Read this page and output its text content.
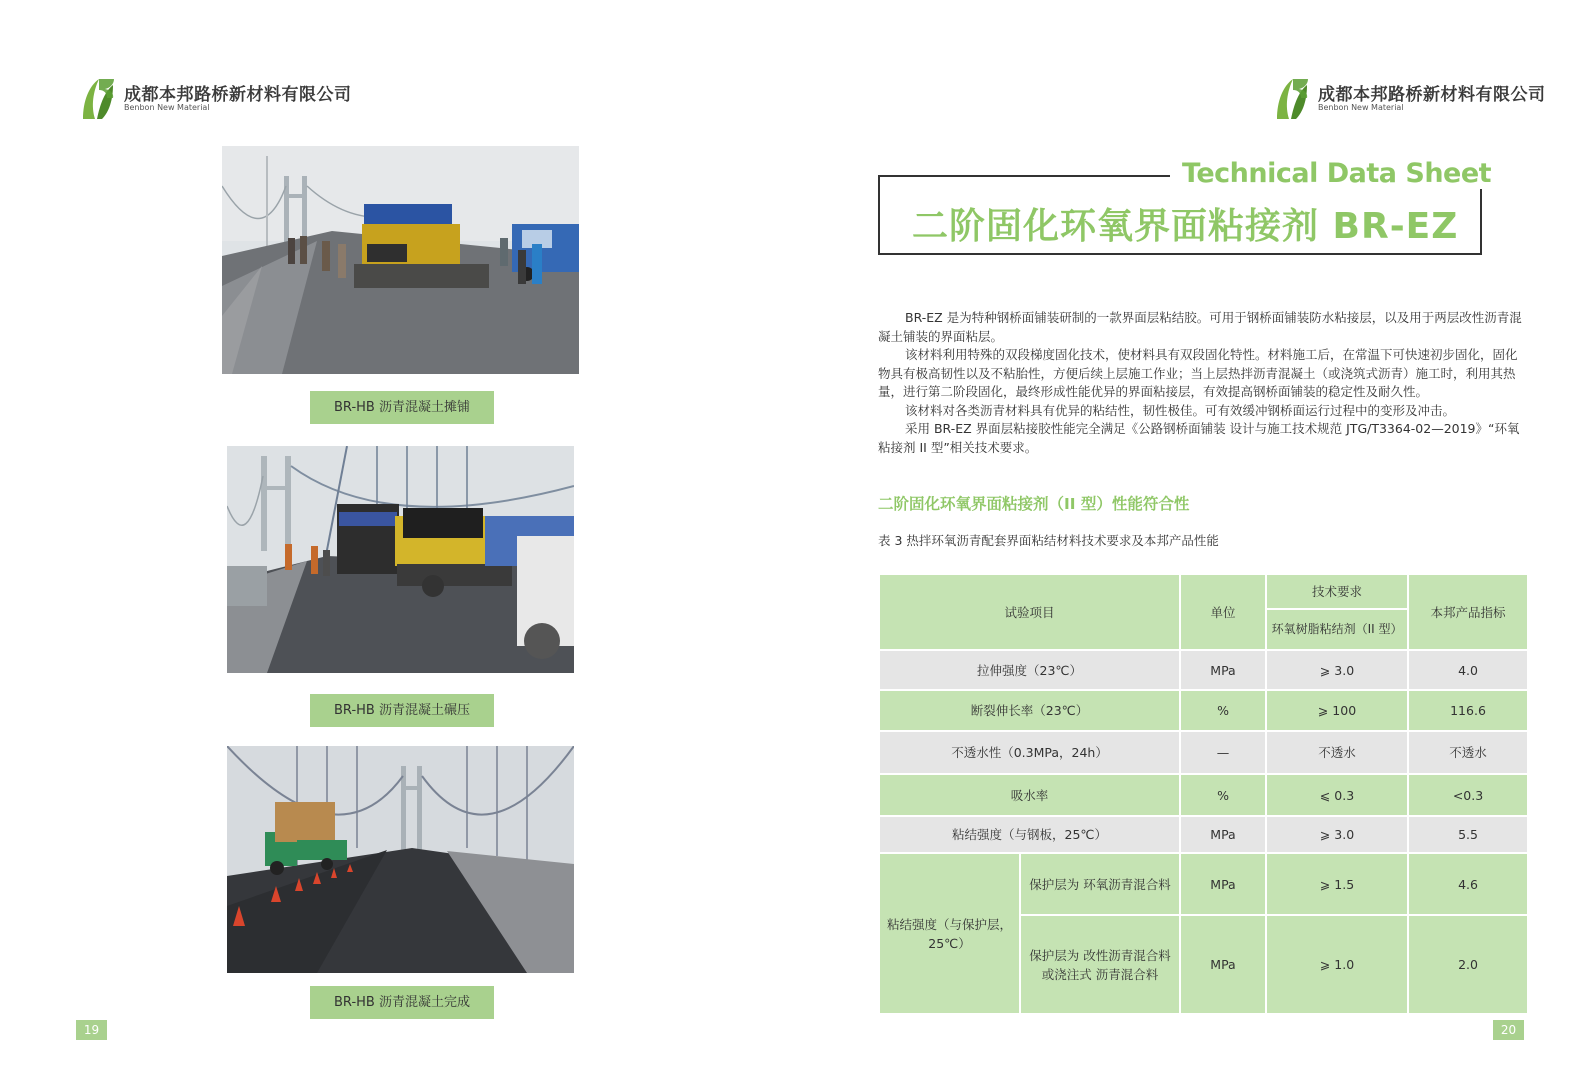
成都本邦路桥新材料有限公司
Benbon New Material
成都本邦路桥新材料有限公司
Benbon New Material
BR-HB 沥青混凝土摊铺
BR-HB 沥青混凝土碾压
BR-HB 沥青混凝土完成
19
Technical Data Sheet
二阶固化环氧界面粘接剂 BR-EZ

BR-EZ 是为特种钢桥面铺装研制的一款界面层粘结胶。可用于钢桥面铺装防水粘接层，以及用于两层改性沥青混凝土铺装的界面粘层。

该材料利用特殊的双段梯度固化技术，使材料具有双段固化特性。材料施工后，在常温下可快速初步固化，固化物具有极高韧性以及不粘胎性，方便后续上层施工作业；当上层热拌沥青混凝土（或浇筑式沥青）施工时，利用其热量，进行第二阶段固化，最终形成性能优异的界面粘接层，有效提高钢桥面铺装的稳定性及耐久性。

该材料对各类沥青材料具有优异的粘结性，韧性极佳。可有效缓冲钢桥面运行过程中的变形及冲击。

采用 BR-EZ 界面层粘接胶性能完全满足《公路钢桥面铺装 设计与施工技术规范 JTG/T3364-02—2019》“环氧粘接剂 II 型”相关技术要求。

二阶固化环氧界面粘接剂（II 型）性能符合性
表 3 热拌环氧沥青配套界面粘结材料技术要求及本邦产品性能
试验项目		单位	技术要求	本邦产品指标
			环氧树脂粘结剂（II 型）	
拉伸强度（23℃）		MPa	⩾ 3.0	4.0
断裂伸长率（23℃）		%	⩾ 100	116.6
不透水性（0.3MPa，24h）		—	不透水	不透水
吸水率		%	⩽ 0.3	<0.3
粘结强度（与钢板，25℃）		MPa	⩾ 3.0	5.5
粘结强度（与保护层，25℃）	保护层为 环氧沥青混合料	MPa	⩾ 1.5	4.6
	保护层为 改性沥青混合料或浇注式 沥青混合料	MPa	⩾ 1.0	2.0
20
